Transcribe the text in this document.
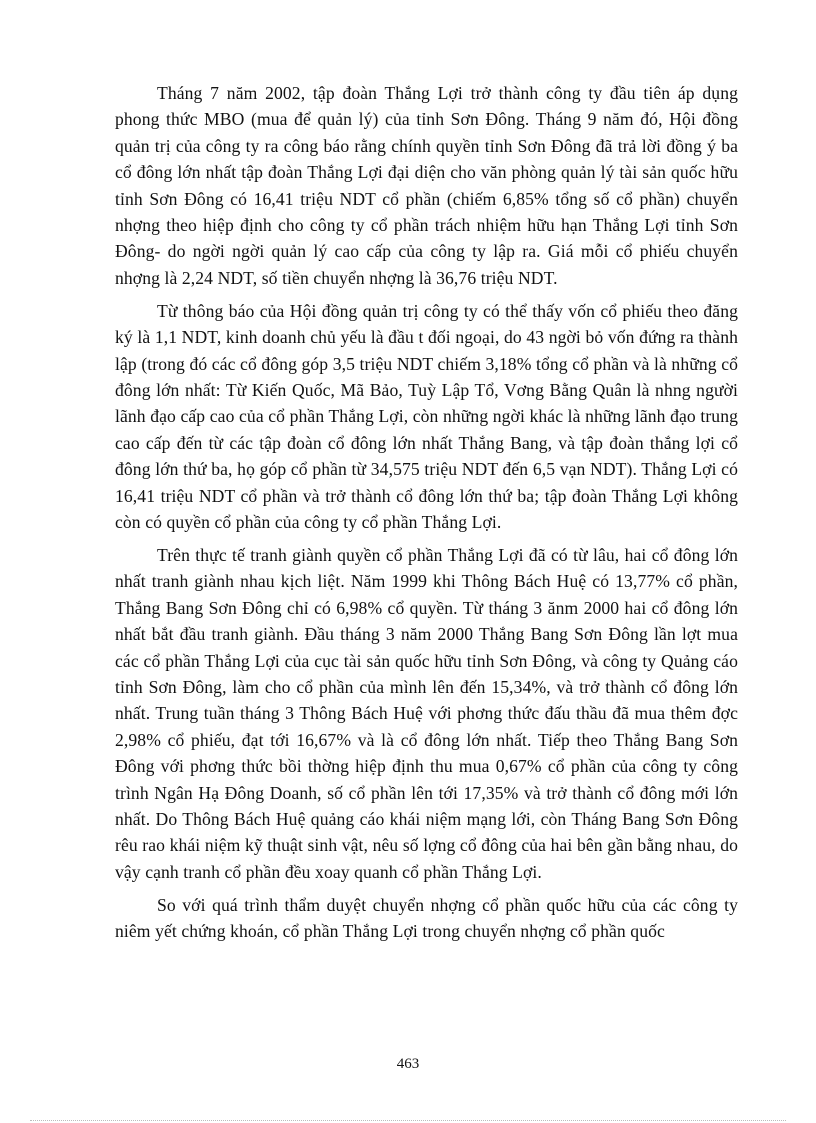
Tháng 7 năm 2002, tập đoàn Thắng Lợi trở thành công ty đầu tiên áp dụng phong thức MBO (mua để quản lý) của tỉnh Sơn Đông. Tháng 9 năm đó, Hội đồng quản trị của công ty ra công báo rằng chính quyền tỉnh Sơn Đông đã trả lời đồng ý ba cổ đông lớn nhất tập đoàn Thắng Lợi đại diện cho văn phòng quản lý tài sản quốc hữu tỉnh Sơn Đông có 16,41 triệu NDT cổ phần (chiếm 6,85% tổng số cổ phần) chuyển nhợng theo hiệp định cho công ty cổ phần trách nhiệm hữu hạn Thắng Lợi tỉnh Sơn Đông- do ngời ngời quản lý cao cấp của công ty lập ra. Giá mỗi cổ phiếu chuyển nhợng là 2,24 NDT, số tiền chuyển nhợng là 36,76 triệu NDT.

Từ thông báo của Hội đồng quản trị công ty có thể thấy vốn cổ phiếu theo đăng ký là 1,1 NDT, kinh doanh chủ yếu là đầu t đối ngoại, do 43 ngời bỏ vốn đứng ra thành lập (trong đó các cổ đông góp 3,5 triệu NDT chiếm 3,18% tổng cổ phần và là những cổ đông lớn nhất: Từ Kiến Quốc, Mã Bảo, Tuỳ Lập Tổ, Vơng Bằng Quân là nhng người lãnh đạo cấp cao của cổ phần Thắng Lợi, còn những ngời khác là những lãnh đạo trung cao cấp đến từ các tập đoàn cổ đông lớn nhất Thắng Bang, và tập đoàn thắng lợi cổ đông lớn thứ ba, họ góp cổ phần từ 34,575 triệu NDT đến 6,5 vạn NDT). Thắng Lợi có 16,41 triệu NDT cổ phần và trở thành cổ đông lớn thứ ba; tập đoàn Thắng Lợi không còn có quyền cổ phần của công ty cổ phần Thắng Lợi.

Trên thực tế tranh giành quyền cổ phần Thắng Lợi đã có từ lâu, hai cổ đông lớn nhất tranh giành nhau kịch liệt. Năm 1999 khi Thông Bách Huệ có 13,77% cổ phần, Thắng Bang Sơn Đông chỉ có 6,98% cổ quyền. Từ tháng 3 ănm 2000 hai cổ đông lớn nhất bắt đầu tranh giành. Đầu tháng 3 năm 2000 Thắng Bang Sơn Đông lần lợt mua các cổ phần Thắng Lợi của cục tài sản quốc hữu tỉnh Sơn Đông, và công ty Quảng cáo tỉnh Sơn Đông, làm cho cổ phần của mình lên đến 15,34%, và trở thành cổ đông lớn nhất. Trung tuần tháng 3 Thông Bách Huệ với phơng thức đấu thầu đã mua thêm đợc 2,98% cổ phiếu, đạt tới 16,67% và là cổ đông lớn nhất. Tiếp theo Thắng Bang Sơn Đông với phơng thức bồi thờng hiệp định thu mua 0,67% cổ phần của công ty công trình Ngân Hạ Đông Doanh, số cổ phần lên tới 17,35% và trở thành cổ đông mới lớn nhất. Do Thông Bách Huệ quảng cáo khái niệm mạng lới, còn Tháng Bang Sơn Đông rêu rao khái niệm kỹ thuật sinh vật, nêu số lợng cổ đông của hai bên gần bằng nhau, do vậy cạnh tranh cổ phần đều xoay quanh cổ phần Thắng Lợi.

So với quá trình thẩm duyệt chuyển nhợng cổ phần quốc hữu của các công ty niêm yết chứng khoán, cổ phần Thắng Lợi trong chuyển nhợng cổ phần quốc

463
